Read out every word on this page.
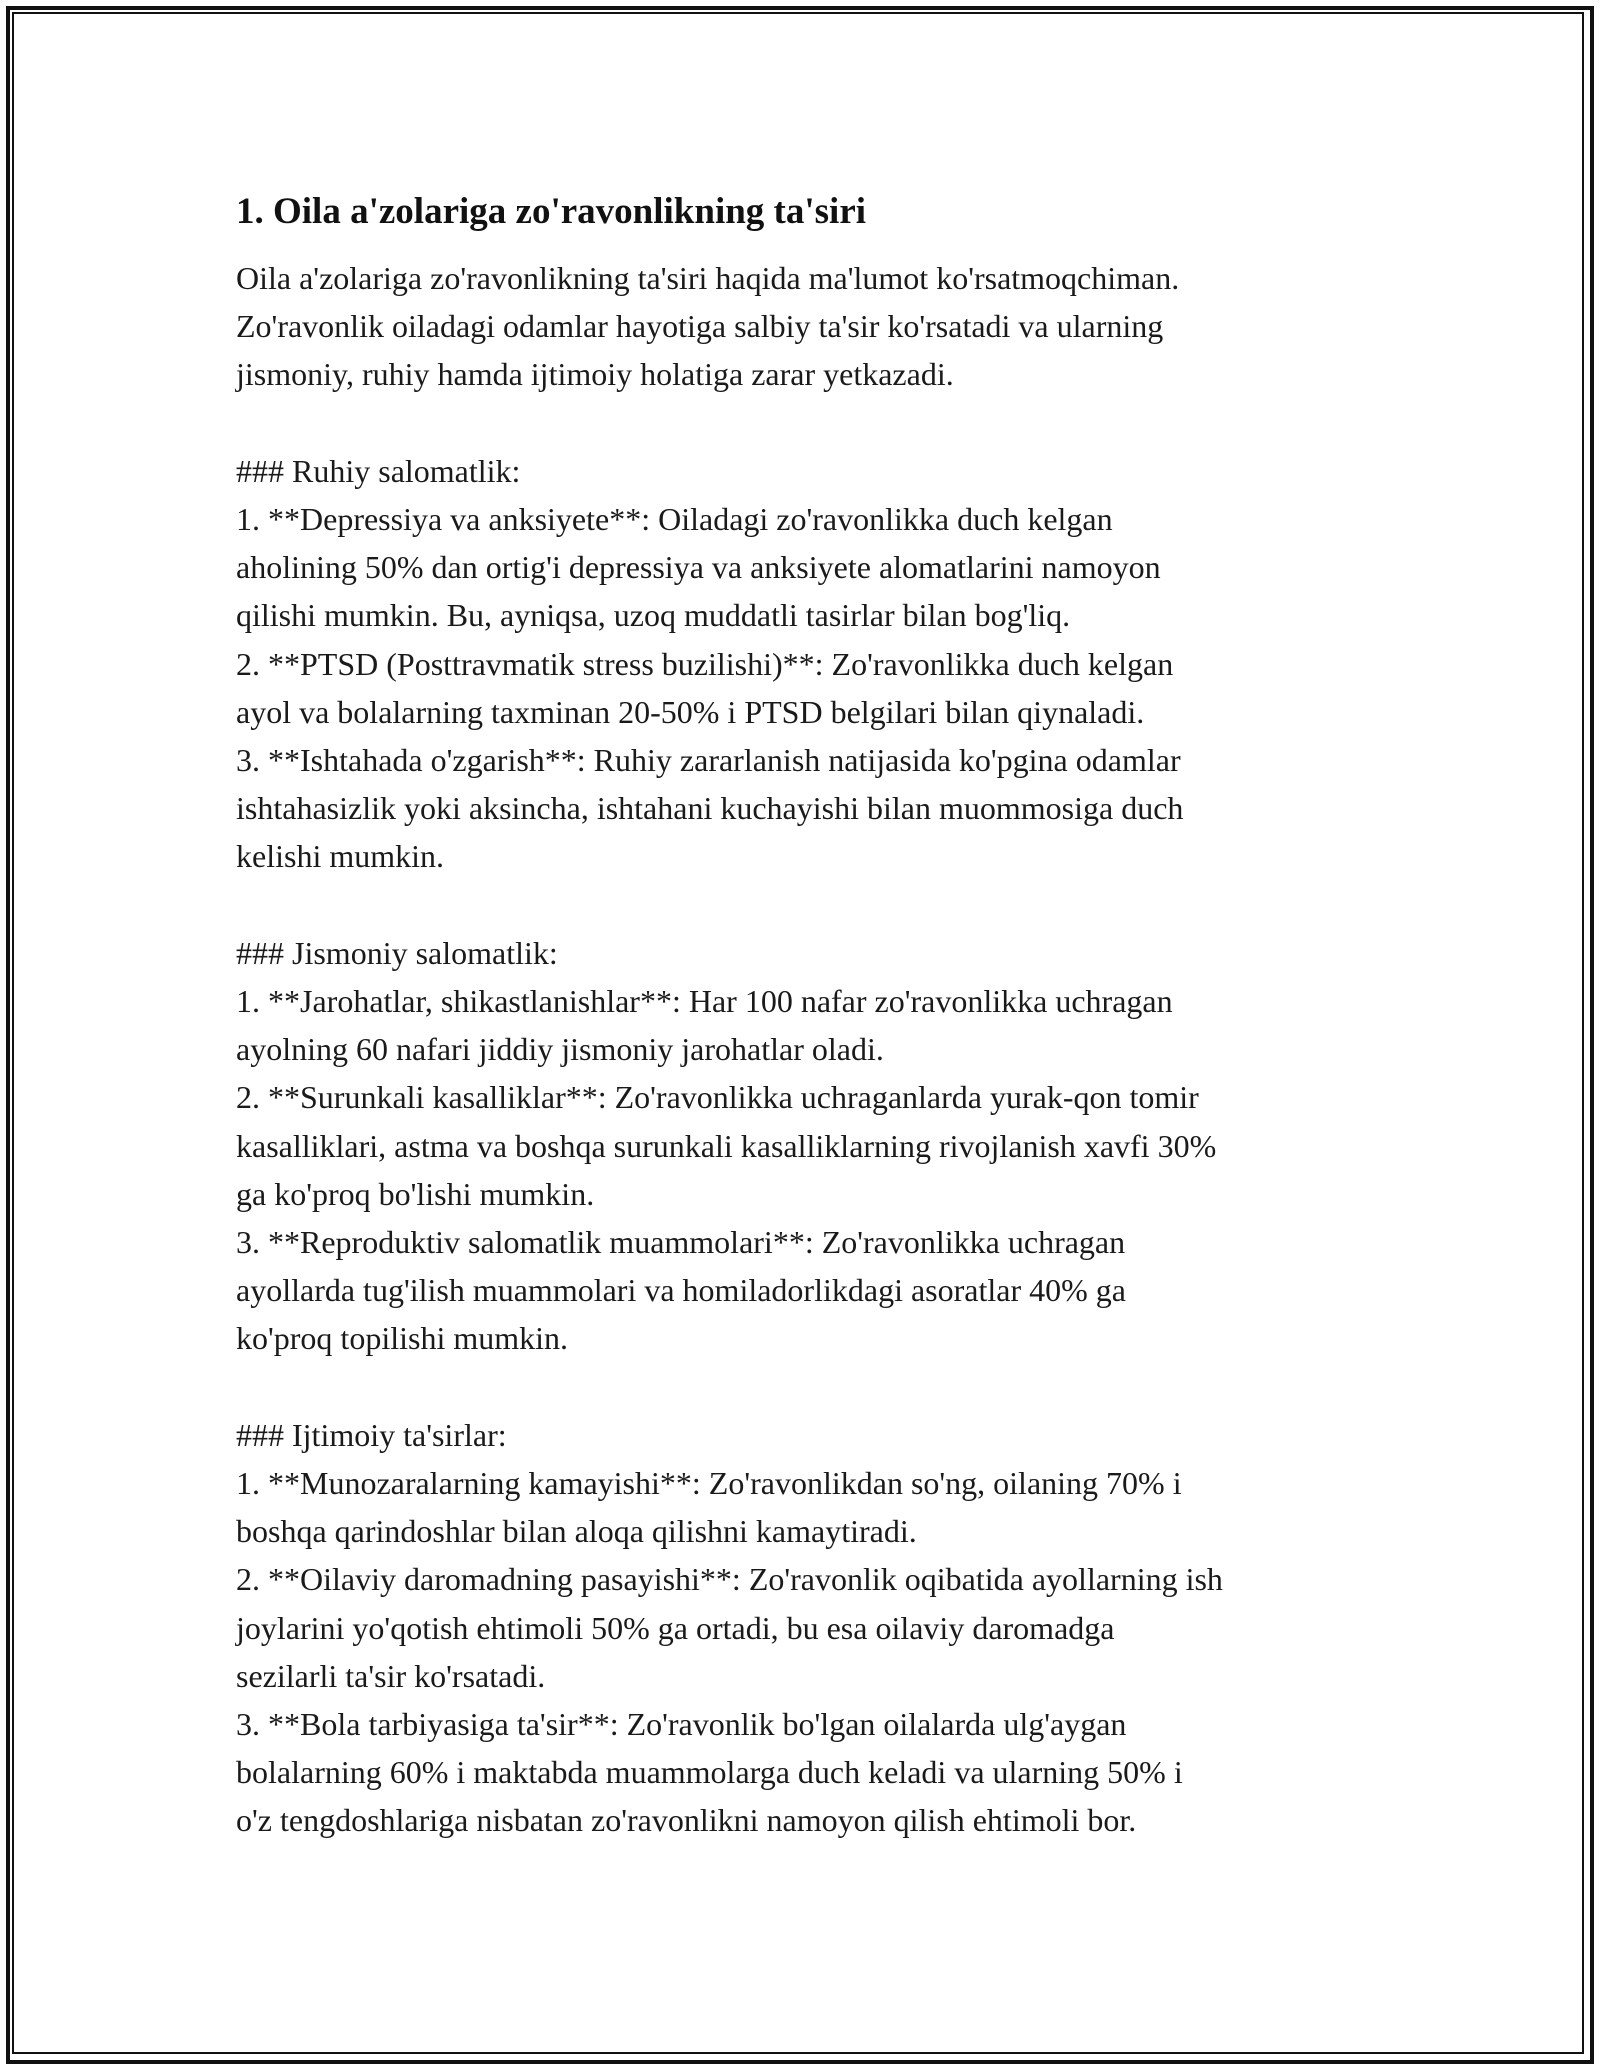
1. Oila a'zolariga zo'ravonlikning ta'siri

Oila a'zolariga zo'ravonlikning ta'siri haqida ma'lumot ko'rsatmoqchiman.
Zo'ravonlik oiladagi odamlar hayotiga salbiy ta'sir ko'rsatadi va ularning
jismoniy, ruhiy hamda ijtimoiy holatiga zarar yetkazadi.

### Ruhiy salomatlik:

1. **Depressiya va anksiyete**: Oiladagi zo'ravonlikka duch kelgan
aholining 50% dan ortig'i depressiya va anksiyete alomatlarini namoyon
qilishi mumkin. Bu, ayniqsa, uzoq muddatli tasirlar bilan bog'liq.

2. **PTSD (Posttravmatik stress buzilishi)**: Zo'ravonlikka duch kelgan
ayol va bolalarning taxminan 20-50% i PTSD belgilari bilan qiynaladi.

3. **Ishtahada o'zgarish**: Ruhiy zararlanish natijasida ko'pgina odamlar
ishtahasizlik yoki aksincha, ishtahani kuchayishi bilan muommosiga duch
kelishi mumkin.

### Jismoniy salomatlik:

1. **Jarohatlar, shikastlanishlar**: Har 100 nafar zo'ravonlikka uchragan
ayolning 60 nafari jiddiy jismoniy jarohatlar oladi.

2. **Surunkali kasalliklar**: Zo'ravonlikka uchraganlarda yurak-qon tomir
kasalliklari, astma va boshqa surunkali kasalliklarning rivojlanish xavfi 30%
ga ko'proq bo'lishi mumkin.

3. **Reproduktiv salomatlik muammolari**: Zo'ravonlikka uchragan
ayollarda tug'ilish muammolari va homiladorlikdagi asoratlar 40% ga
ko'proq topilishi mumkin.

### Ijtimoiy ta'sirlar:

1. **Munozaralarning kamayishi**: Zo'ravonlikdan so'ng, oilaning 70% i
boshqa qarindoshlar bilan aloqa qilishni kamaytiradi.

2. **Oilaviy daromadning pasayishi**: Zo'ravonlik oqibatida ayollarning ish
joylarini yo'qotish ehtimoli 50% ga ortadi, bu esa oilaviy daromadga
sezilarli ta'sir ko'rsatadi.

3. **Bola tarbiyasiga ta'sir**: Zo'ravonlik bo'lgan oilalarda ulg'aygan
bolalarning 60% i maktabda muammolarga duch keladi va ularning 50% i
o'z tengdoshlariga nisbatan zo'ravonlikni namoyon qilish ehtimoli bor.
